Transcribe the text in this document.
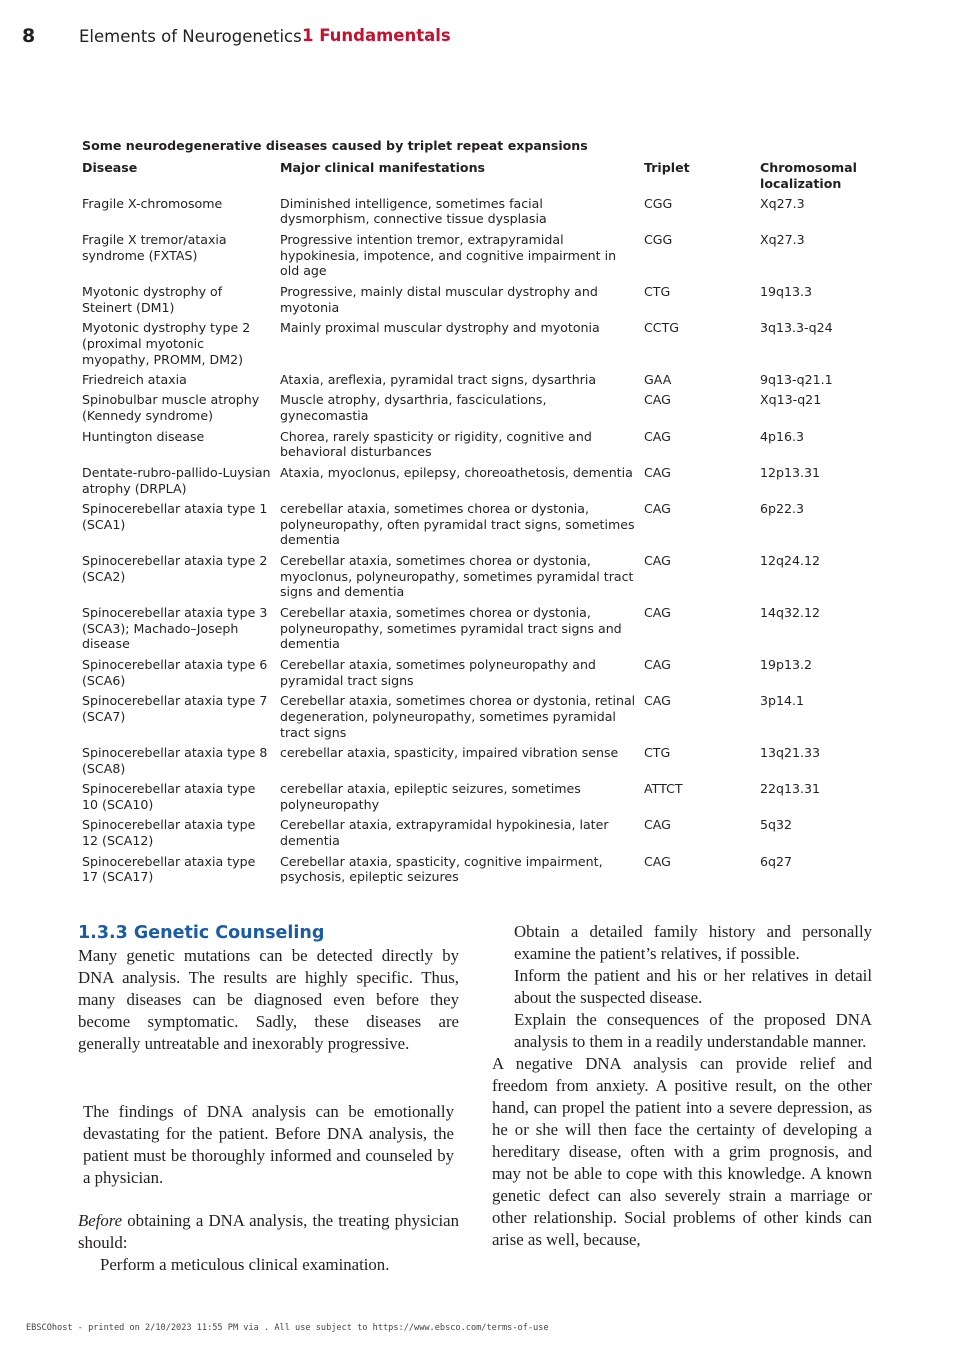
8	Elements of Neurogenetics 1 Fundamentals
Some neurodegenerative diseases caused by triplet repeat expansions
Disease	Major clinical manifestations	Triplet	Chromosomal localization
Fragile X-chromosome	Diminished intelligence, sometimes facial dysmorphism, connective tissue dysplasia	CGG	Xq27.3
Fragile X tremor/ataxia syndrome (FXTAS)	Progressive intention tremor, extrapyramidal hypokinesia, impotence, and cognitive impairment in old age	CGG	Xq27.3
Myotonic dystrophy of Steinert (DM1)	Progressive, mainly distal muscular dystrophy and myotonia	CTG	19q13.3
Myotonic dystrophy type 2 (proximal myotonic myopathy, PROMM, DM2)	Mainly proximal muscular dystrophy and myotonia	CCTG	3q13.3-q24
Friedreich ataxia	Ataxia, areflexia, pyramidal tract signs, dysarthria	GAA	9q13-q21.1
Spinobulbar muscle atrophy (Kennedy syndrome)	Muscle atrophy, dysarthria, fasciculations, gynecomastia	CAG	Xq13-q21
Huntington disease	Chorea, rarely spasticity or rigidity, cognitive and behavioral disturbances	CAG	4p16.3
Dentate-rubro-pallido-Luysian atrophy (DRPLA)	Ataxia, myoclonus, epilepsy, choreoathetosis, dementia	CAG	12p13.31
Spinocerebellar ataxia type 1 (SCA1)	cerebellar ataxia, sometimes chorea or dystonia, polyneuropathy, often pyramidal tract signs, sometimes dementia	CAG	6p22.3
Spinocerebellar ataxia type 2 (SCA2)	Cerebellar ataxia, sometimes chorea or dystonia, myoclonus, polyneuropathy, sometimes pyramidal tract signs and dementia	CAG	12q24.12
Spinocerebellar ataxia type 3 (SCA3); Machado–Joseph disease	Cerebellar ataxia, sometimes chorea or dystonia, polyneuropathy, sometimes pyramidal tract signs and dementia	CAG	14q32.12
Spinocerebellar ataxia type 6 (SCA6)	Cerebellar ataxia, sometimes polyneuropathy and pyramidal tract signs	CAG	19p13.2
Spinocerebellar ataxia type 7 (SCA7)	Cerebellar ataxia, sometimes chorea or dystonia, retinal degeneration, polyneuropathy, sometimes pyramidal tract signs	CAG	3p14.1
Spinocerebellar ataxia type 8 (SCA8)	cerebellar ataxia, spasticity, impaired vibration sense	CTG	13q21.33
Spinocerebellar ataxia type 10 (SCA10)	cerebellar ataxia, epileptic seizures, sometimes polyneuropathy	ATTCT	22q13.31
Spinocerebellar ataxia type 12 (SCA12)	Cerebellar ataxia, extrapyramidal hypokinesia, later dementia	CAG	5q32
Spinocerebellar ataxia type 17 (SCA17)	Cerebellar ataxia, spasticity, cognitive impairment, psychosis, epileptic seizures	CAG	6q27
1.3.3 Genetic Counseling

Many genetic mutations can be detected directly by DNA analysis. The results are highly specific. Thus, many diseases can be diagnosed even before they become symptomatic. Sadly, these diseases are generally untreatable and inexorably progressive.

The findings of DNA analysis can be emotionally devastating for the patient. Before DNA analysis, the patient must be thoroughly informed and counseled by a physician.

Before obtaining a DNA analysis, the treating physician should:

Perform a meticulous clinical examination.

Obtain a detailed family history and personally examine the patient’s relatives, if possible.

Inform the patient and his or her relatives in detail about the suspected disease.

Explain the consequences of the proposed DNA analysis to them in a readily understandable manner.

A negative DNA analysis can provide relief and freedom from anxiety. A positive result, on the other hand, can propel the patient into a severe depression, as he or she will then face the certainty of developing a hereditary disease, often with a grim prognosis, and may not be able to cope with this knowledge. A known genetic defect can also severely strain a marriage or other relationship. Social problems of other kinds can arise as well, because,

EBSCOhost - printed on 2/10/2023 11:55 PM via . All use subject to https://www.ebsco.com/terms-of-use
